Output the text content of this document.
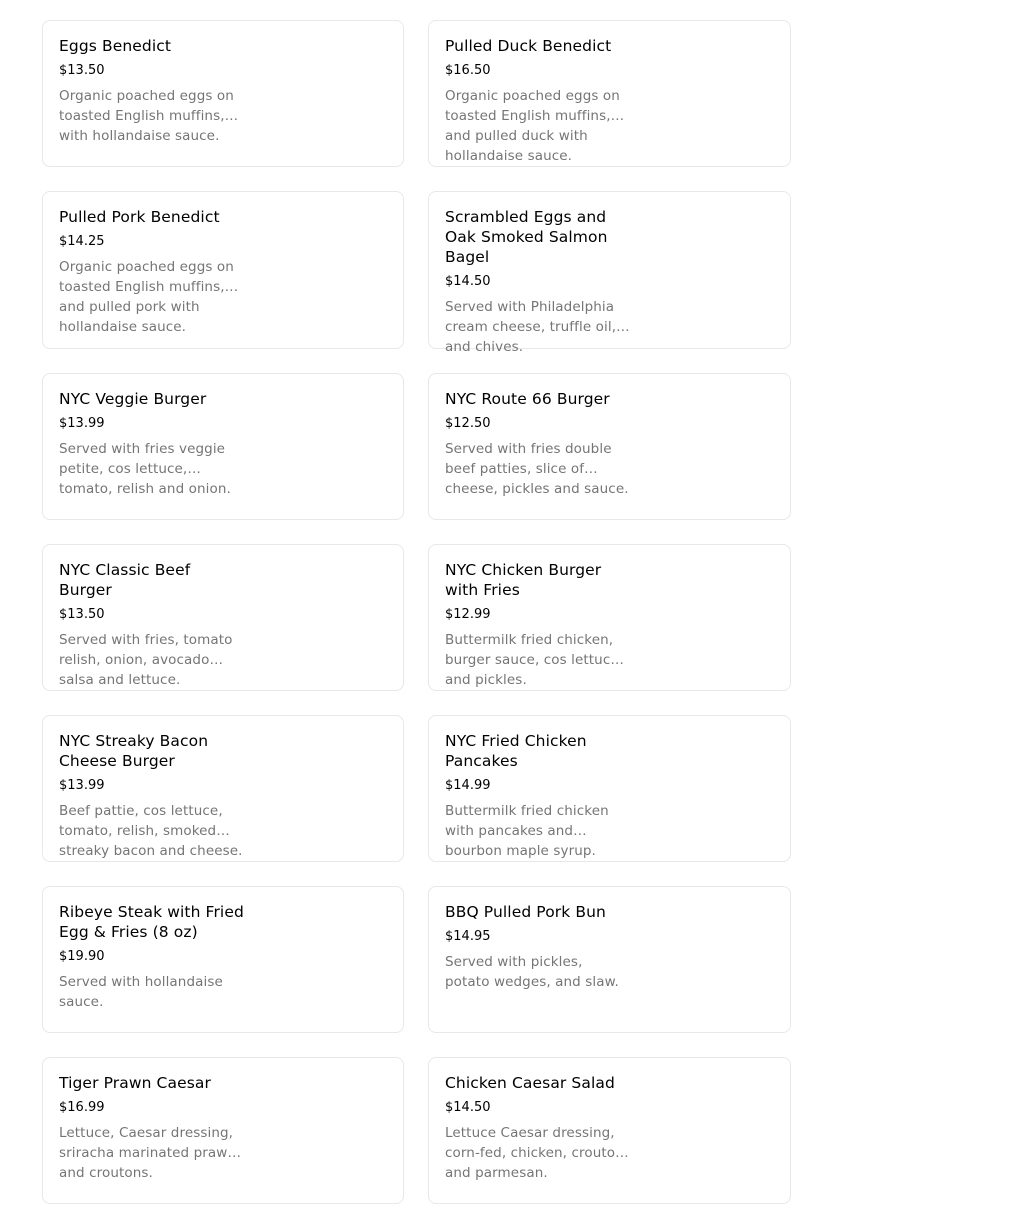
Eggs Benedict
$13.50
Organic poached eggs on toasted English muffins, with hollandaise sauce.
Pulled Duck Benedict
$16.50
Organic poached eggs on toasted English muffins, and pulled duck with hollandaise sauce.
Pulled Pork Benedict
$14.25
Organic poached eggs on toasted English muffins, and pulled pork with hollandaise sauce.
Scrambled Eggs and Oak Smoked Salmon Bagel
$14.50
Served with Philadelphia cream cheese, truffle oil, and chives.
NYC Veggie Burger
$13.99
Served with fries veggie petite, cos lettuce, tomato, relish and onion.
NYC Route 66 Burger
$12.50
Served with fries double beef patties, slice of cheese, pickles and sauce.
NYC Classic Beef Burger
$13.50
Served with fries, tomato relish, onion, avocado salsa and lettuce.
NYC Chicken Burger with Fries
$12.99
Buttermilk fried chicken, burger sauce, cos lettuce, and pickles.
NYC Streaky Bacon Cheese Burger
$13.99
Beef pattie, cos lettuce, tomato, relish, smoked streaky bacon and cheese.
NYC Fried Chicken Pancakes
$14.99
Buttermilk fried chicken with pancakes and bourbon maple syrup.
Ribeye Steak with Fried Egg & Fries (8 oz)
$19.90
Served with hollandaise sauce.
BBQ Pulled Pork Bun
$14.95
Served with pickles, potato wedges, and slaw.
Tiger Prawn Caesar
$16.99
Lettuce, Caesar dressing, sriracha marinated prawns and croutons.
Chicken Caesar Salad
$14.50
Lettuce Caesar dressing, corn-fed, chicken, croutons and parmesan.
